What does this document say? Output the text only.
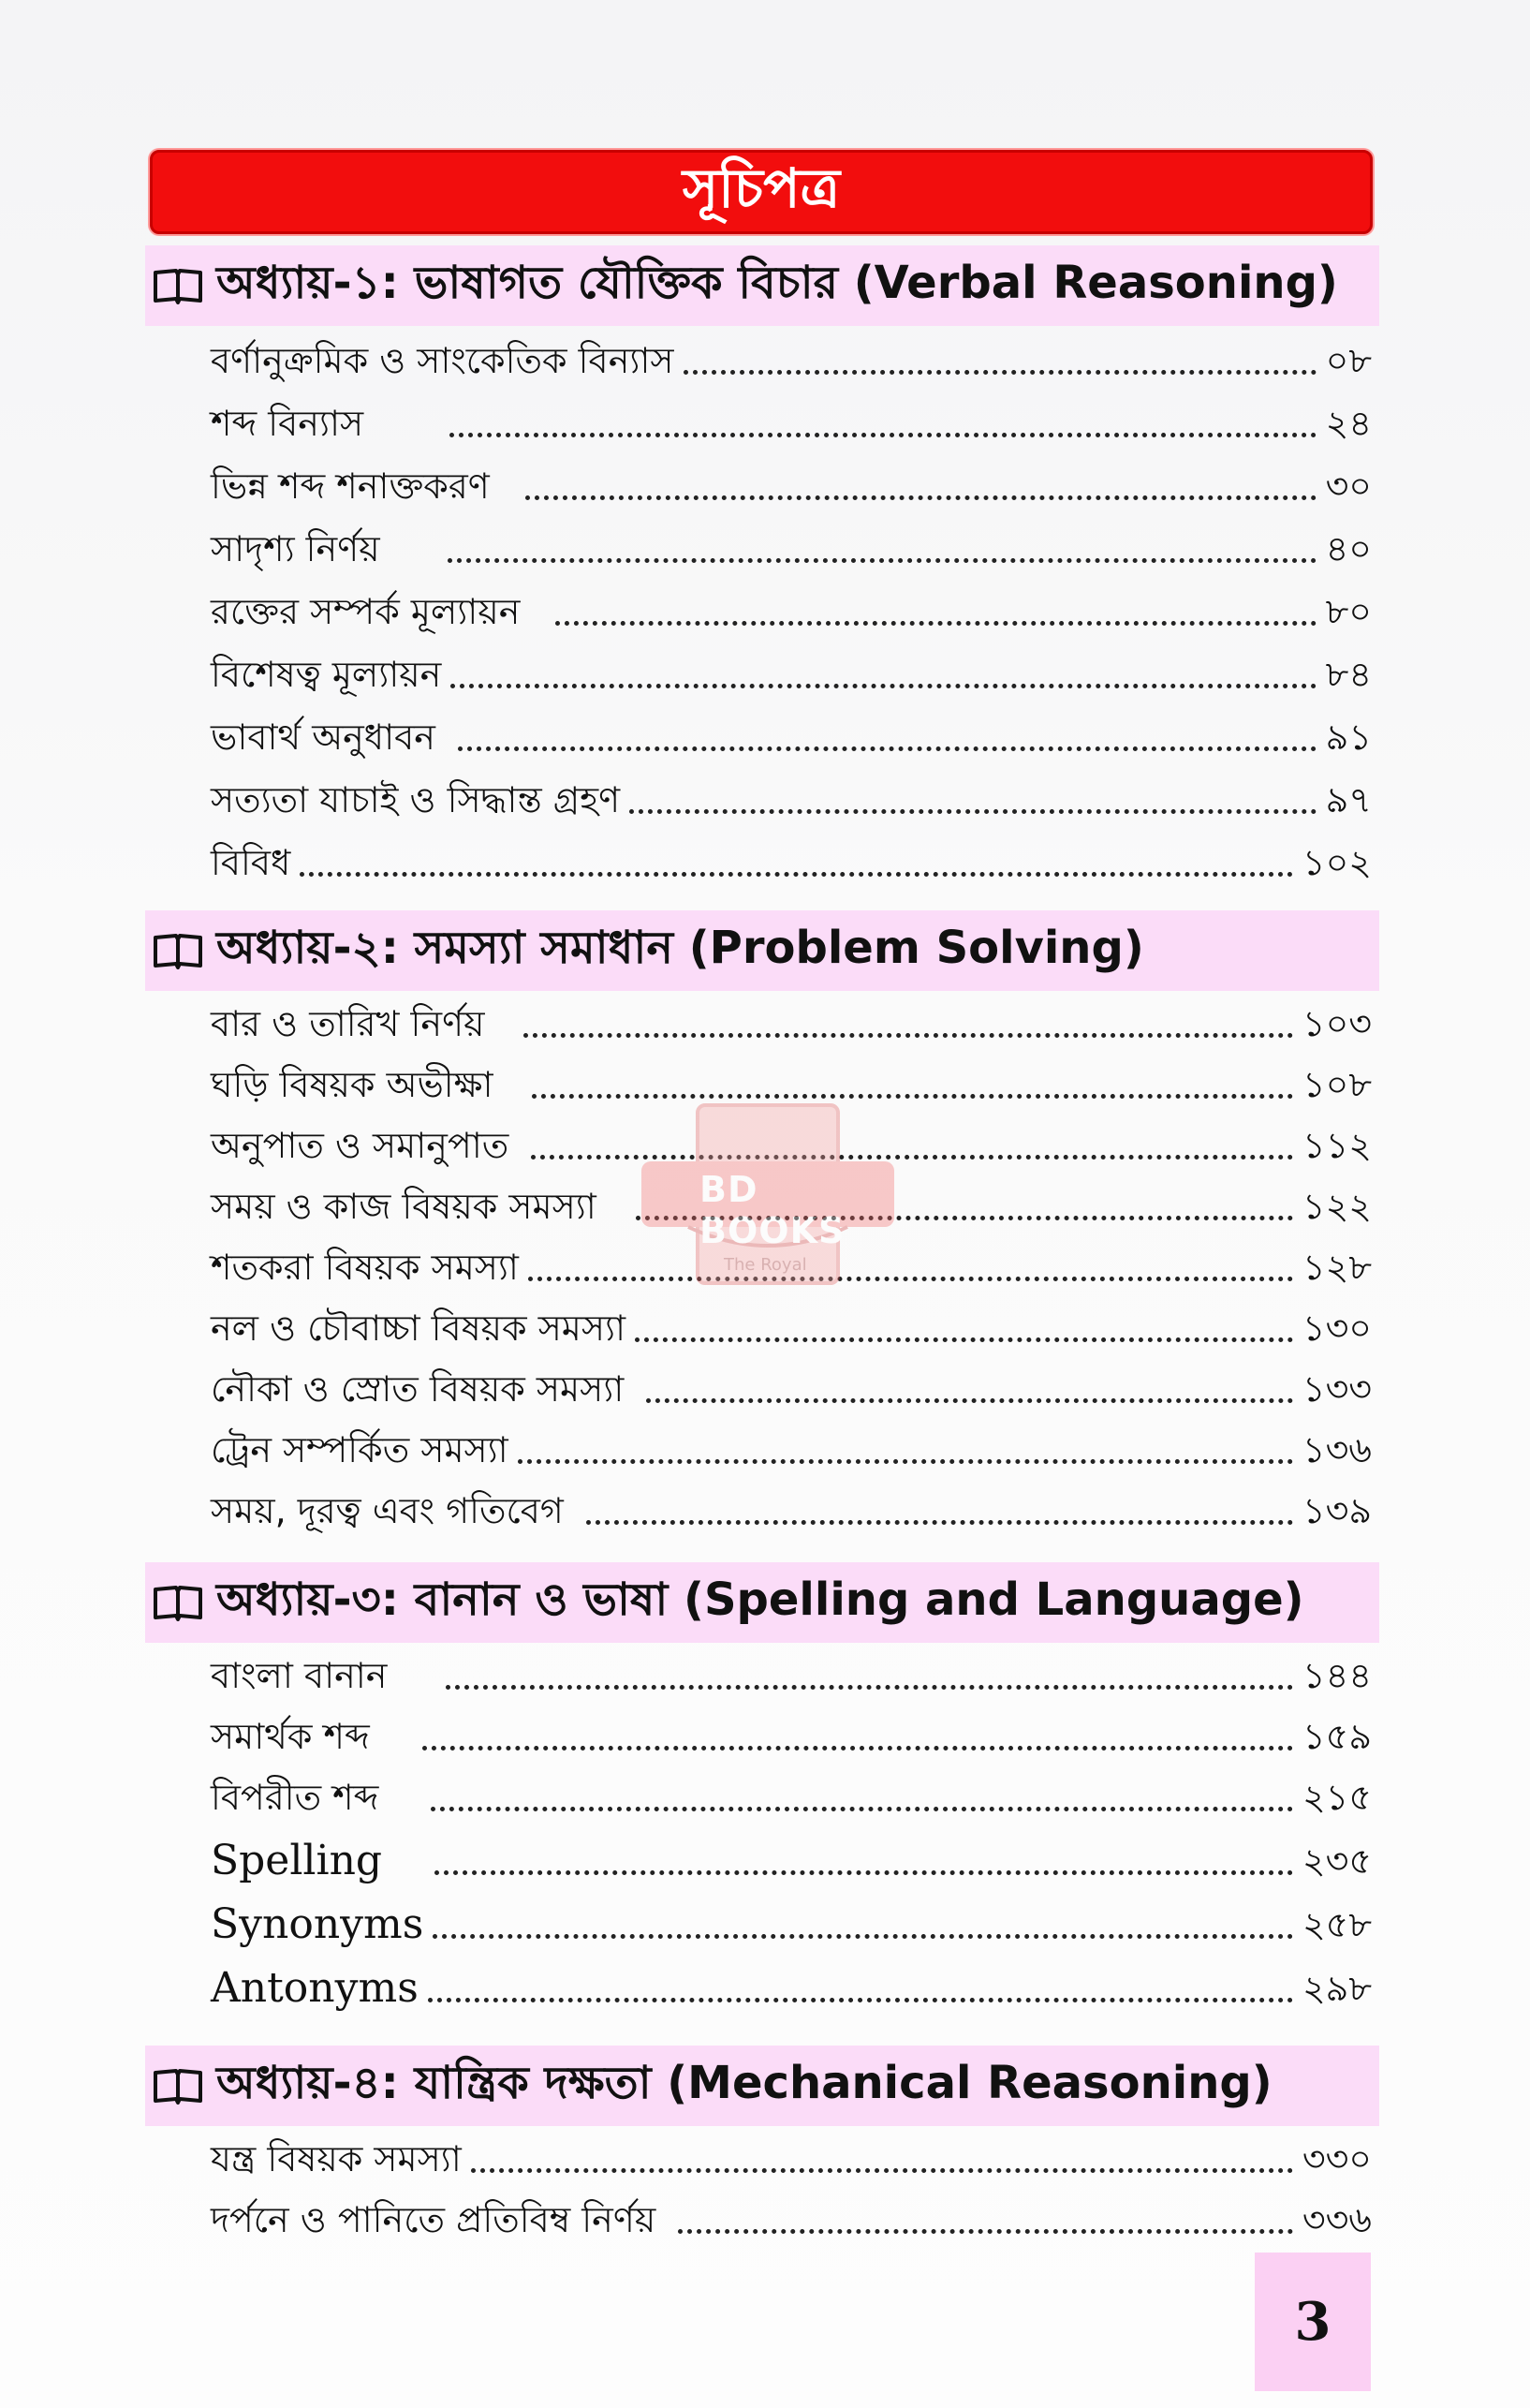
সূচিপত্র
অধ্যায়-১: ভাষাগত যৌক্তিক বিচার (Verbal Reasoning)
বর্ণানুক্রমিক ও সাংকেতিক বিন্যাস	০৮
শব্দ বিন্যাস	২৪
ভিন্ন শব্দ শনাক্তকরণ	৩০
সাদৃশ্য নির্ণয়	৪০
রক্তের সম্পর্ক মূল্যায়ন	৮০
বিশেষত্ব মূল্যায়ন	৮৪
ভাবার্থ অনুধাবন	৯১
সত্যতা যাচাই ও সিদ্ধান্ত গ্রহণ	৯৭
বিবিধ	১০২
অধ্যায়-২: সমস্যা সমাধান (Problem Solving)
বার ও তারিখ নির্ণয়	১০৩
ঘড়ি বিষয়ক অভীক্ষা	১০৮
অনুপাত ও সমানুপাত	১১২
সময় ও কাজ বিষয়ক সমস্যা	১২২
শতকরা বিষয়ক সমস্যা	১২৮
নল ও চৌবাচ্চা বিষয়ক সমস্যা	১৩০
নৌকা ও স্রোত বিষয়ক সমস্যা	১৩৩
ট্রেন সম্পর্কিত সমস্যা	১৩৬
সময়, দূরত্ব এবং গতিবেগ	১৩৯
অধ্যায়-৩: বানান ও ভাষা (Spelling and Language)
বাংলা বানান	১৪৪
সমার্থক শব্দ	১৫৯
বিপরীত শব্দ	২১৫
Spelling	২৩৫
Synonyms	২৫৮
Antonyms	২৯৮
অধ্যায়-৪: যান্ত্রিক দক্ষতা (Mechanical Reasoning)
যন্ত্র বিষয়ক সমস্যা	৩৩০
দর্পনে ও পানিতে প্রতিবিম্ব নির্ণয়	৩৩৬
BD BOOKS
The Royal
3
